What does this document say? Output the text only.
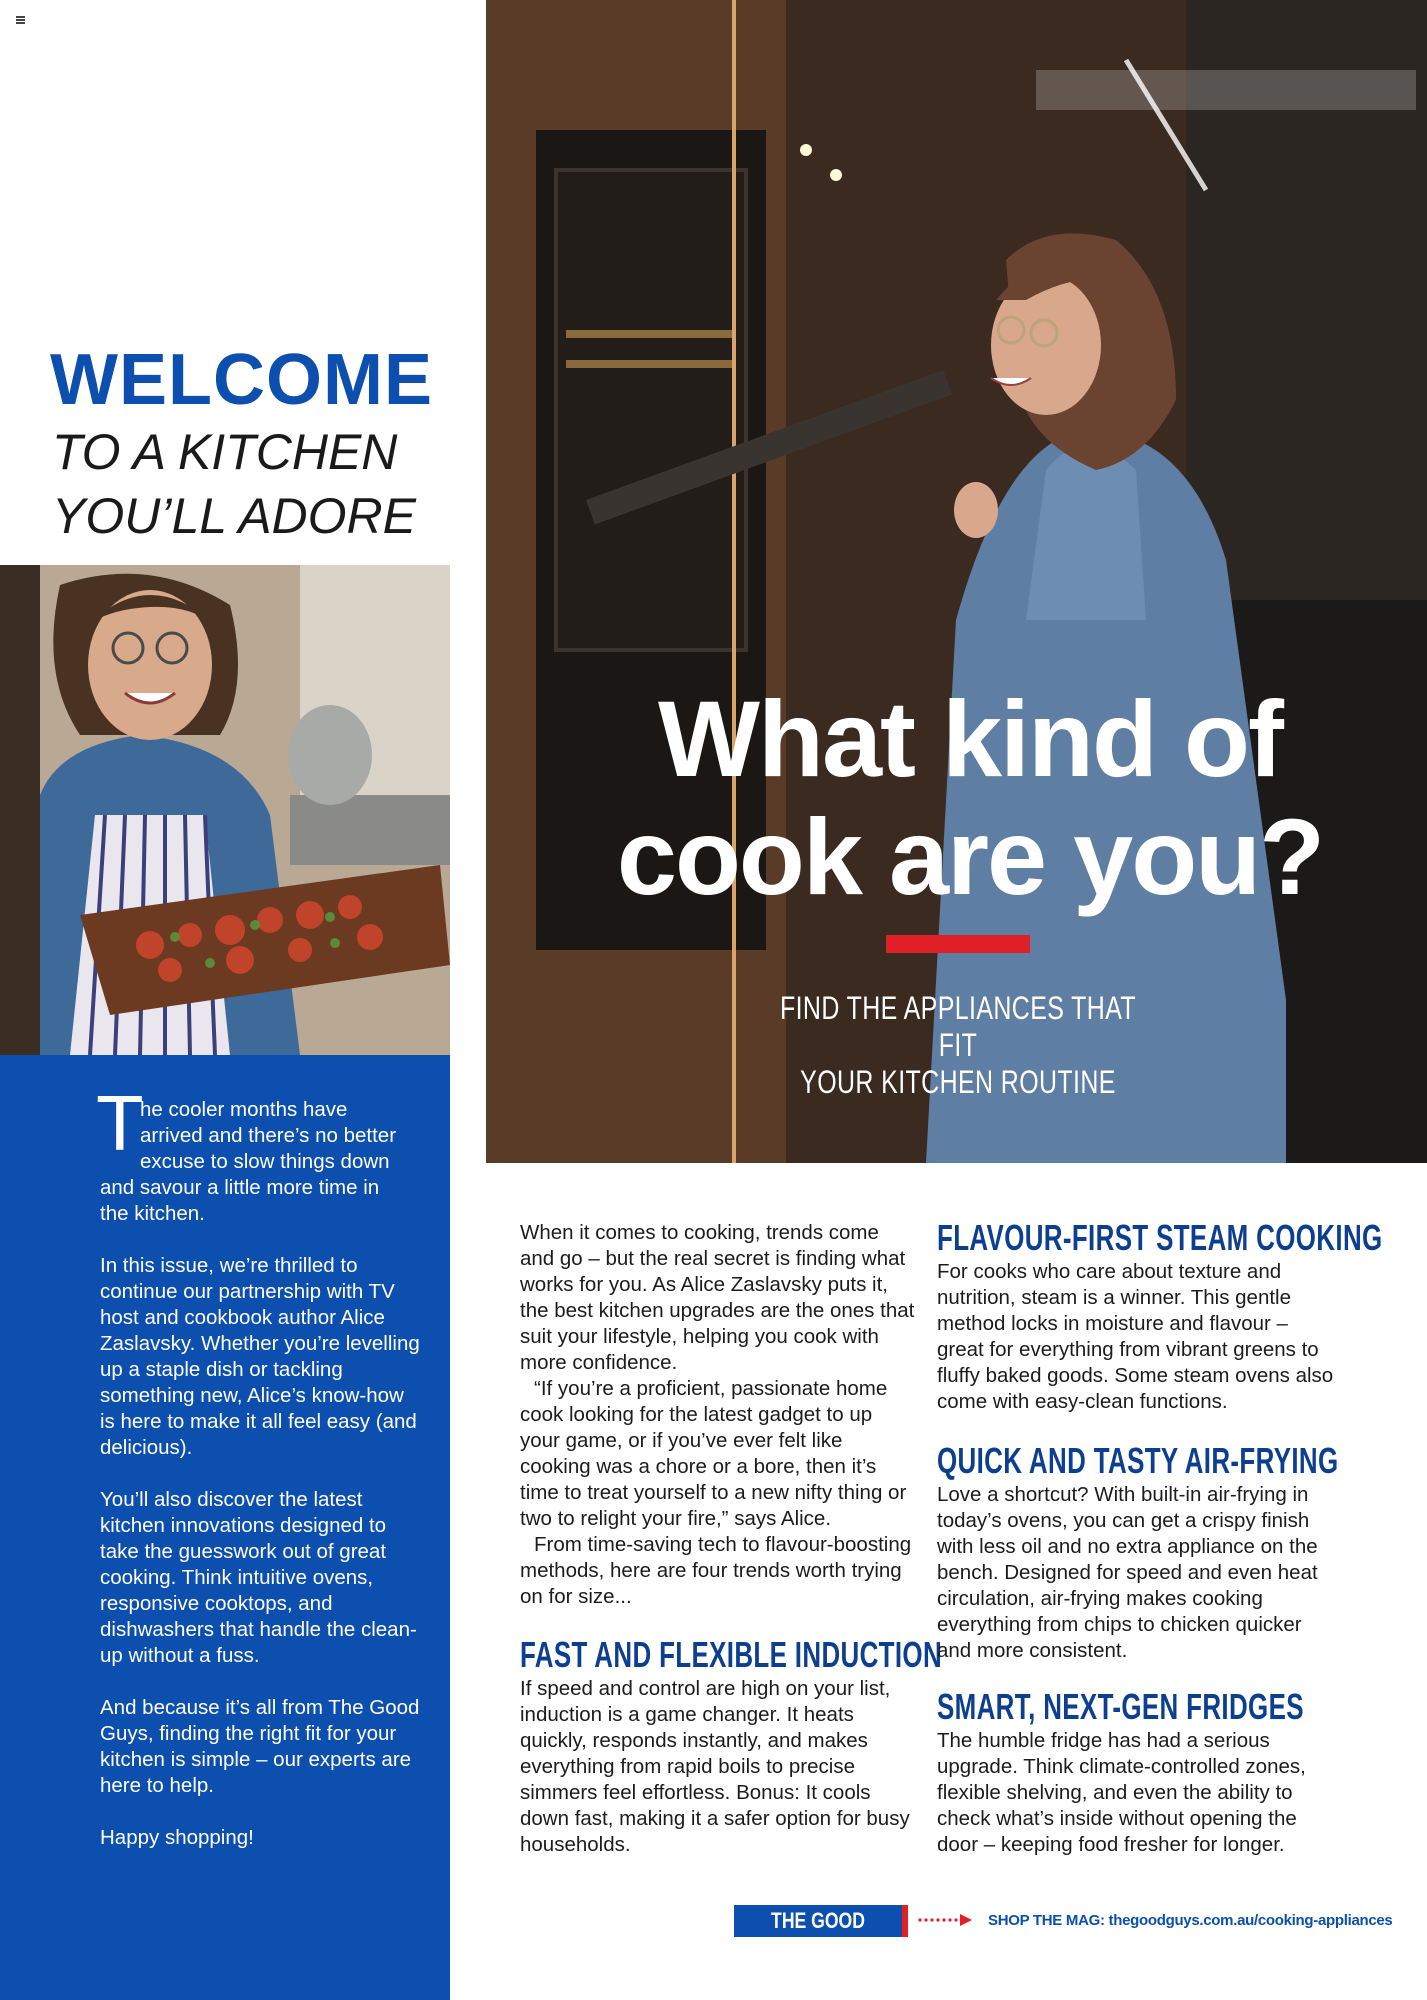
WELCOME
TO A KITCHEN
YOU’LL ADORE
T
he cooler months have
arrived and there’s no better
excuse to slow things down
and savour a little more time in the kitchen.
In this issue, we’re thrilled to continue our partnership with TV host and cookbook author Alice Zaslavsky. Whether you’re levelling up a staple dish or tackling something new, Alice’s know-how is here to make it all feel easy (and delicious).
You’ll also discover the latest kitchen innovations designed to take the guesswork out of great cooking. Think intuitive ovens, responsive cooktops, and dishwashers that handle the clean-up without a fuss.
And because it’s all from The Good Guys, finding the right fit for your kitchen is simple – our experts are here to help.
Happy shopping!
What kind of
cook are you?
FIND THE APPLIANCES THAT FIT
YOUR KITCHEN ROUTINE
When it comes to cooking, trends come and go – but the real secret is finding what works for you. As Alice Zaslavsky puts it, the best kitchen upgrades are the ones that suit your lifestyle, helping you cook with more confidence.
“If you’re a proficient, passionate home cook looking for the latest gadget to up your game, or if you’ve ever felt like cooking was a chore or a bore, then it’s time to treat yourself to a new nifty thing or two to relight your fire,” says Alice.
From time-saving tech to flavour-boosting methods, here are four trends worth trying on for size...
FAST AND FLEXIBLE INDUCTION
If speed and control are high on your list, induction is a game changer. It heats quickly, responds instantly, and makes everything from rapid boils to precise simmers feel effortless. Bonus: It cools down fast, making it a safer option for busy households.
FLAVOUR-FIRST STEAM COOKING
For cooks who care about texture and nutrition, steam is a winner. This gentle method locks in moisture and flavour – great for everything from vibrant greens to fluffy baked goods. Some steam ovens also come with easy-clean functions.
QUICK AND TASTY AIR-FRYING
Love a shortcut? With built-in air-frying in today’s ovens, you can get a crispy finish with less oil and no extra appliance on the bench. Designed for speed and even heat circulation, air-frying makes cooking everything from chips to chicken quicker and more consistent.
SMART, NEXT-GEN FRIDGES
The humble fridge has had a serious upgrade. Think climate-controlled zones, flexible shelving, and even the ability to check what’s inside without opening the door – keeping food fresher for longer.
THE GOOD GUYS
SHOP THE MAG: thegoodguys.com.au/cooking-appliances
